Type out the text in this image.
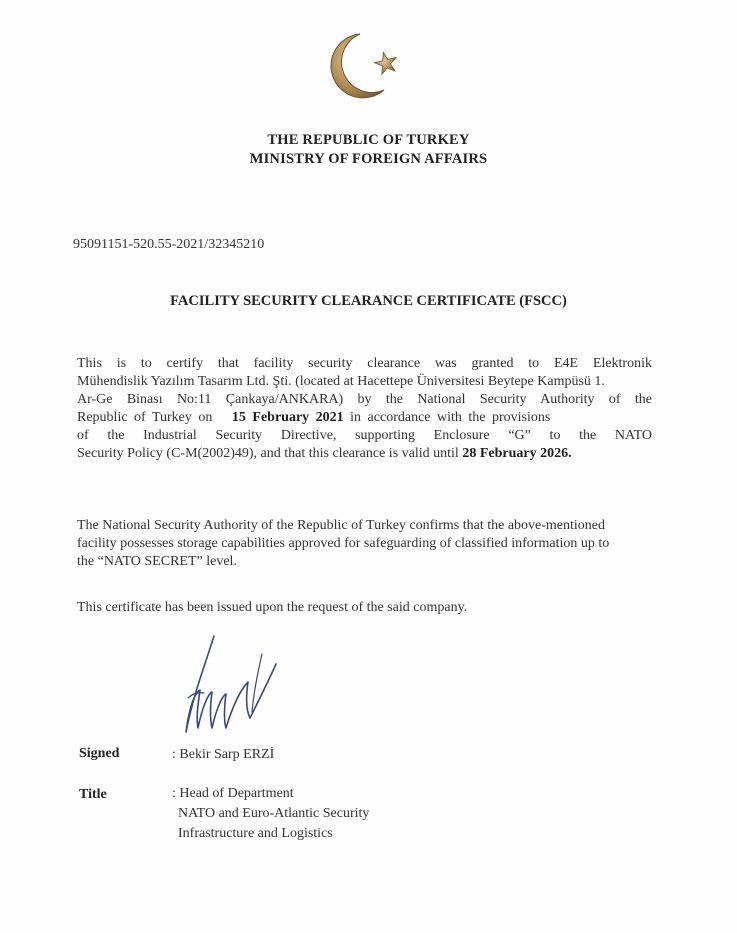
THE REPUBLIC OF TURKEY
MINISTRY OF FOREIGN AFFAIRS
95091151-520.55-2021/32345210
FACILITY SECURITY CLEARANCE CERTIFICATE (FSCC)
This is to certify that facility security clearance was granted to E4E Elektronik
Mühendislik Yazılım Tasarım Ltd. Şti. (located at Hacettepe Üniversitesi Beytepe Kampüsü 1.
Ar-Ge Binası No:11 Çankaya/ANKARA) by the National Security Authority of the
Republic of Turkey on 15 February 2021 in accordance with the provisions
of the Industrial Security Directive, supporting Enclosure “G” to the NATO
Security Policy (C-M(2002)49), and that this clearance is valid until 28 February 2026.
The National Security Authority of the Republic of Turkey confirms that the above-mentioned
facility possesses storage capabilities approved for safeguarding of classified information up to
the “NATO SECRET” level.
This certificate has been issued upon the request of the said company.
Signed	: Bekir Sarp ERZİ
Title	: Head of Department
NATO and Euro-Atlantic Security
Infrastructure and Logistics
